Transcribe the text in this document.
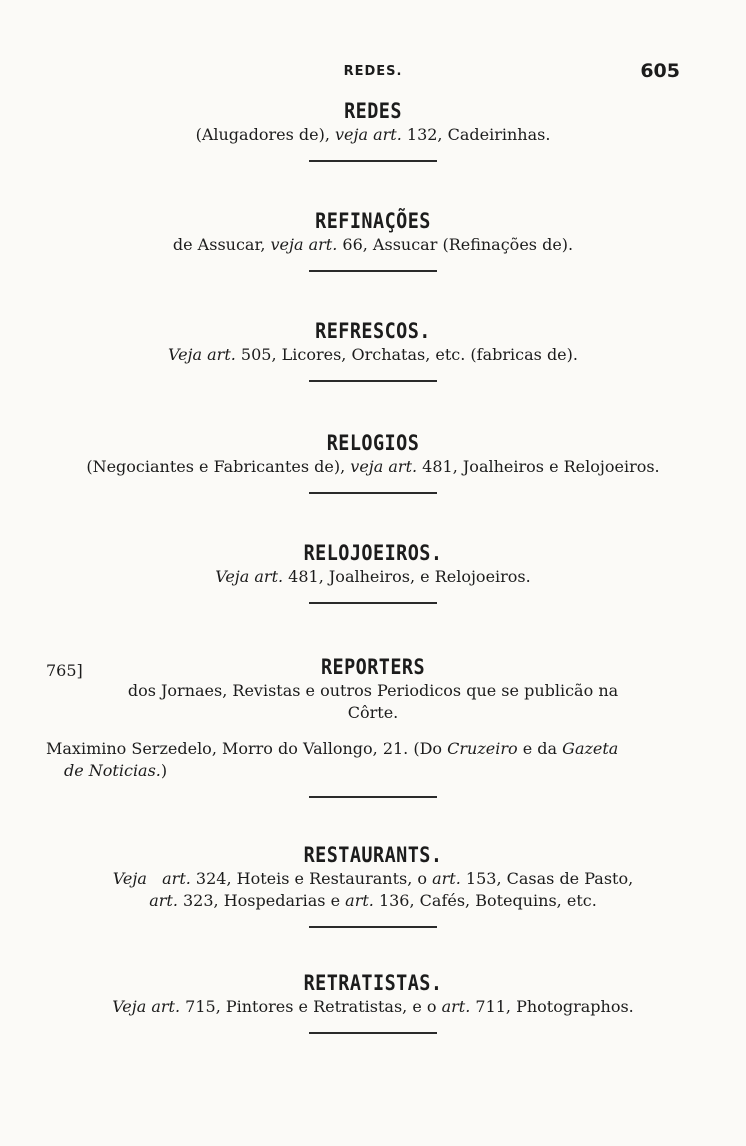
REDES.	605
REDES
(Alugadores de), veja art. 132, Cadeirinhas.
REFINAÇÕES
de Assucar, veja art. 66, Assucar (Refinações de).
REFRESCOS.
Veja art. 505, Licores, Orchatas, etc. (fabricas de).
RELOGIOS
(Negociantes e Fabricantes de), veja art. 481, Joalheiros e Relojoeiros.
RELOJOEIROS.
Veja art. 481, Joalheiros, e Relojoeiros.
765]	REPORTERS
dos Jornaes, Revistas e outros Periodicos que se publicão na
Côrte.
Maximino Serzedelo, Morro do Vallongo, 21. (Do Cruzeiro e da Gazeta
de Noticias.)
RESTAURANTS.
Veja art. 324, Hoteis e Restaurants, o art. 153, Casas de Pasto,
art. 323, Hospedarias e art. 136, Cafés, Botequins, etc.
RETRATISTAS.
Veja art. 715, Pintores e Retratistas, e o art. 711, Photographos.
